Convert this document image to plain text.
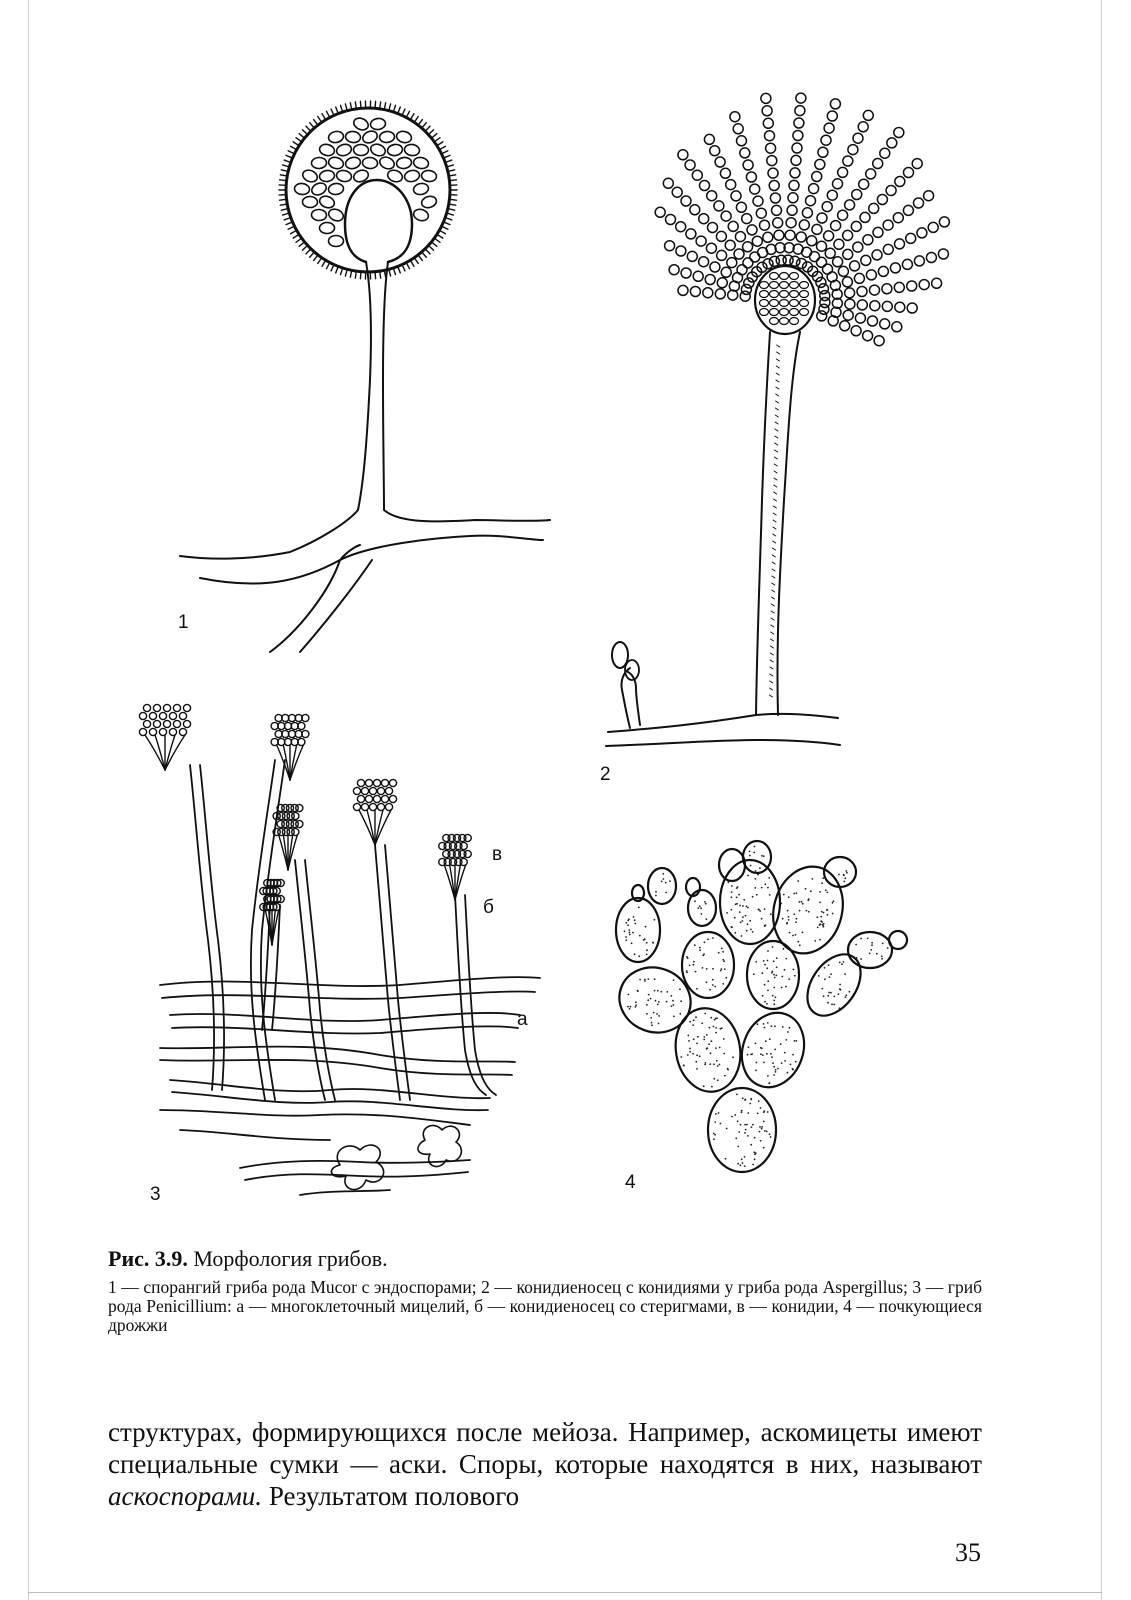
1
2
3
4
в
б
а

Рис. 3.9. Морфология грибов.

1 — спорангий гриба рода Mucor с эндоспорами; 2 — конидиеносец с конидиями у гриба рода Aspergillus; 3 — гриб рода Penicillium: а — многоклеточный мицелий, б — конидиеносец со стеригмами, в — конидии, 4 — почкующиеся дрожжи
структурах, формирующихся после мейоза. Например, аскомицеты имеют специальные сумки — аски. Споры, которые находятся в них, называют аскоспорами. Результатом полового
35
